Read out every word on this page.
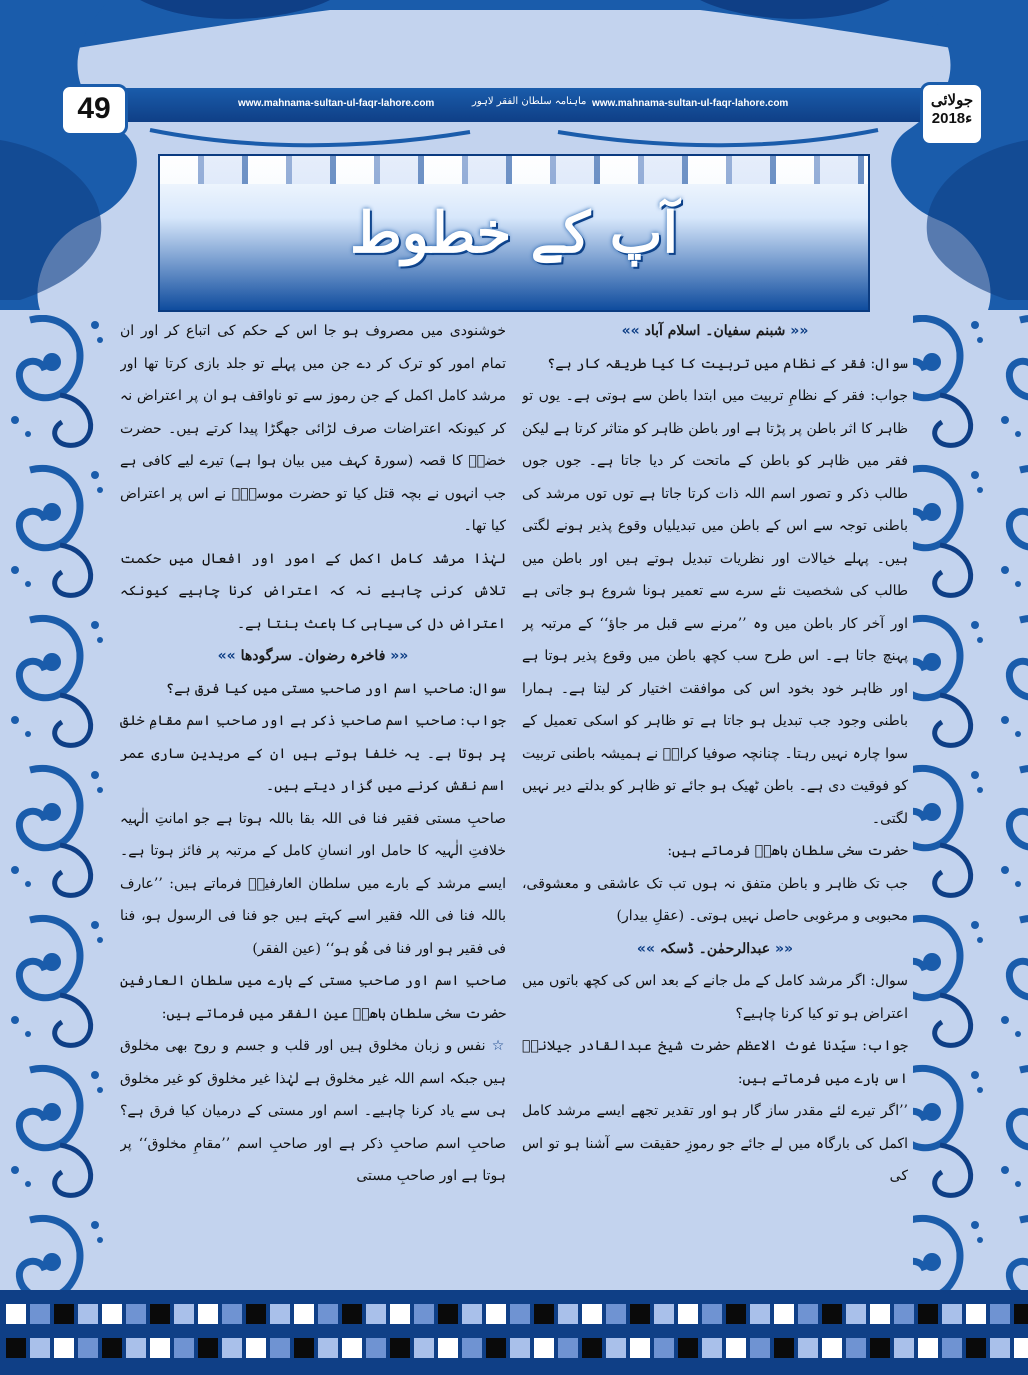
49	www.mahnama-sultan-ul-faqr-lahore.com	ماہنامہ سلطان الفقر لاہور www.mahnama-sultan-ul-faqr-lahore.com	جولائی
2018ء
آپ کے خطوط

«« شبنم سفیان۔ اسلام آباد »»

سوال: فقر کے نظام میں تربیت کا کیا طریقہ کار ہے؟

جواب: فقر کے نظامِ تربیت میں ابتدا باطن سے ہوتی ہے۔ یوں تو ظاہر کا اثر باطن پر پڑتا ہے اور باطن ظاہر کو متاثر کرتا ہے لیکن فقر میں ظاہر کو باطن کے ماتحت کر دیا جاتا ہے۔ جوں جوں طالب ذکر و تصور اسم اللہ ذات کرتا جاتا ہے توں توں مرشد کی باطنی توجہ سے اس کے باطن میں تبدیلیاں وقوع پذیر ہونے لگتی ہیں۔ پہلے خیالات اور نظریات تبدیل ہوتے ہیں اور باطن میں طالب کی شخصیت نئے سرے سے تعمیر ہونا شروع ہو جاتی ہے اور آخر کار باطن میں وہ ’’مرنے سے قبل مر جاؤ‘‘ کے مرتبہ پر پہنچ جاتا ہے۔ اس طرح سب کچھ باطن میں وقوع پذیر ہوتا ہے اور ظاہر خود بخود اس کی موافقت اختیار کر لیتا ہے۔ ہمارا باطنی وجود جب تبدیل ہو جاتا ہے تو ظاہر کو اسکی تعمیل کے سوا چارہ نہیں رہتا۔ چنانچہ صوفیا کرامؒ نے ہمیشہ باطنی تربیت کو فوقیت دی ہے۔ باطن ٹھیک ہو جائے تو ظاہر کو بدلتے دیر نہیں لگتی۔

حضرت سخی سلطان باھوؒ فرماتے ہیں:

جب تک ظاہر و باطن متفق نہ ہوں تب تک عاشقی و معشوقی، محبوبی و مرغوبی حاصل نہیں ہوتی۔ (عقلِ بیدار)

«« عبدالرحمٰن۔ ڈسکہ »»

سوال: اگر مرشد کامل کے مل جانے کے بعد اس کی کچھ باتوں میں اعتراض ہو تو کیا کرنا چاہیے؟

جواب: سیّدنا غوث الاعظم حضرت شیخ عبدالقادر جیلانیؓ اس بارے میں فرماتے ہیں:

’’اگر تیرے لئے مقدر ساز گار ہو اور تقدیر تجھے ایسے مرشد کامل اکمل کی بارگاہ میں لے جائے جو رموزِ حقیقت سے آشنا ہو تو اس کی

خوشنودی میں مصروف ہو جا اس کے حکم کی اتباع کر اور ان تمام امور کو ترک کر دے جن میں پہلے تو جلد بازی کرتا تھا اور مرشد کامل اکمل کے جن رموز سے تو ناواقف ہو ان پر اعتراض نہ کر کیونکہ اعتراضات صرف لڑائی جھگڑا پیدا کرتے ہیں۔ حضرت خضرؑ کا قصہ (سورۃ کہف میں بیان ہوا ہے) تیرے لیے کافی ہے جب انہوں نے بچہ قتل کیا تو حضرت موسیٰؑ نے اس پر اعتراض کیا تھا۔

لہٰذا مرشد کامل اکمل کے امور اور افعال میں حکمت تلاش کرنی چاہیے نہ کہ اعتراض کرنا چاہیے کیونکہ اعتراض دل کی سیاہی کا باعث بنتا ہے۔

«« فاخرہ رضوان۔ سرگودھا »»

سوال: صاحبِ اسم اور صاحبِ مستی میں کیا فرق ہے؟

جواب: صاحبِ اسم صاحبِ ذکر ہے اور صاحبِ اسم مقامِ خلق پر ہوتا ہے۔ یہ خلفا ہوتے ہیں ان کے مریدین ساری عمر اسم نقش کرنے میں گزار دیتے ہیں۔

صاحبِ مستی فقیر فنا فی اللہ بقا باللہ ہوتا ہے جو امانتِ الٰہیہ خلافتِ الٰہیہ کا حامل اور انسانِ کامل کے مرتبہ پر فائز ہوتا ہے۔ ایسے مرشد کے بارے میں سلطان العارفینؒ فرماتے ہیں: ’’عارف باللہ فنا فی اللہ فقیر اسے کہتے ہیں جو فنا فی الرسول ہو، فنا فی فقیر ہو اور فنا فی ھُو ہو‘‘ (عین الفقر)

صاحبِ اسم اور صاحبِ مستی کے بارے میں سلطان العارفین حضرت سخی سلطان باھوؒ عین الفقر میں فرماتے ہیں:

☆ نفس و زبان مخلوق ہیں اور قلب و جسم و روح بھی مخلوق ہیں جبکہ اسم اللہ غیر مخلوق ہے لہٰذا غیر مخلوق کو غیر مخلوق ہی سے یاد کرنا چاہیے۔ اسم اور مستی کے درمیان کیا فرق ہے؟ صاحبِ اسم صاحبِ ذکر ہے اور صاحبِ اسم ’’مقامِ مخلوق‘‘ پر ہوتا ہے اور صاحبِ مستی
